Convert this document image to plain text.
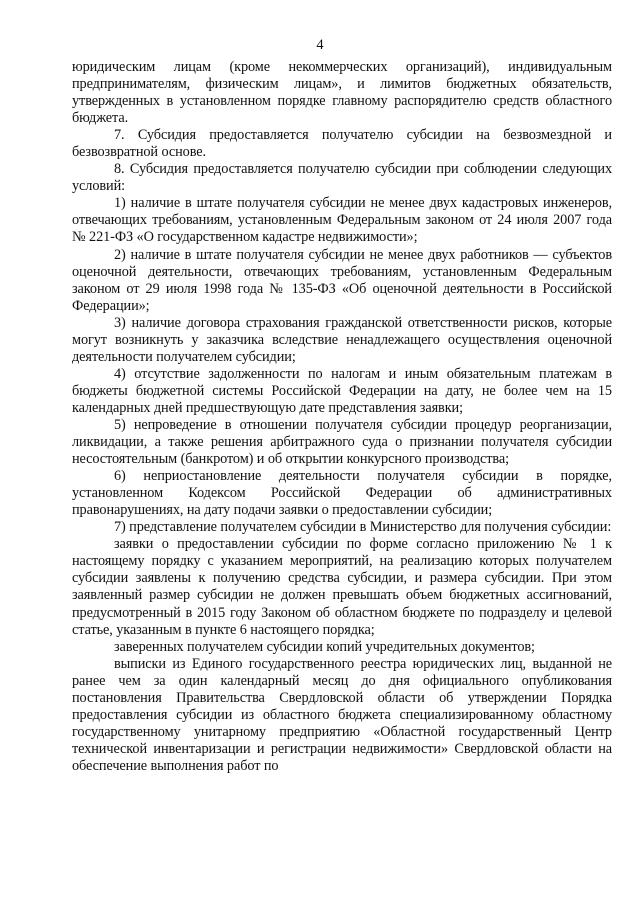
4

юридическим лицам (кроме некоммерческих организаций), индивидуальным предпринимателям, физическим лицам», и лимитов бюджетных обязательств, утвержденных в установленном порядке главному распорядителю средств областного бюджета.

7. Субсидия предоставляется получателю субсидии на безвозмездной и безвозвратной основе.

8. Субсидия предоставляется получателю субсидии при соблюдении следующих условий:

1) наличие в штате получателя субсидии не менее двух кадастровых инженеров, отвечающих требованиям, установленным Федеральным законом от 24 июля 2007 года № 221-ФЗ «О государственном кадастре недвижимости»;

2) наличие в штате получателя субсидии не менее двух работников — субъектов оценочной деятельности, отвечающих требованиям, установленным Федеральным законом от 29 июля 1998 года № 135-ФЗ «Об оценочной деятельности в Российской Федерации»;

3) наличие договора страхования гражданской ответственности рисков, которые могут возникнуть у заказчика вследствие ненадлежащего осуществления оценочной деятельности получателем субсидии;

4) отсутствие задолженности по налогам и иным обязательным платежам в бюджеты бюджетной системы Российской Федерации на дату, не более чем на 15 календарных дней предшествующую дате представления заявки;

5) непроведение в отношении получателя субсидии процедур реорганизации, ликвидации, а также решения арбитражного суда о признании получателя субсидии несостоятельным (банкротом) и об открытии конкурсного производства;

6) неприостановление деятельности получателя субсидии в порядке, установленном Кодексом Российской Федерации об административных правонарушениях, на дату подачи заявки о предоставлении субсидии;

7) представление получателем субсидии в Министерство для получения субсидии:

заявки о предоставлении субсидии по форме согласно приложению № 1 к настоящему порядку с указанием мероприятий, на реализацию которых получателем субсидии заявлены к получению средства субсидии, и размера субсидии. При этом заявленный размер субсидии не должен превышать объем бюджетных ассигнований, предусмотренный в 2015 году Законом об областном бюджете по подразделу и целевой статье, указанным в пункте 6 настоящего порядка;

заверенных получателем субсидии копий учредительных документов;

выписки из Единого государственного реестра юридических лиц, выданной не ранее чем за один календарный месяц до дня официального опубликования постановления Правительства Свердловской области об утверждении Порядка предоставления субсидии из областного бюджета специализированному областному государственному унитарному предприятию «Областной государственный Центр технической инвентаризации и регистрации недвижимости» Свердловской области на обеспечение выполнения работ по
